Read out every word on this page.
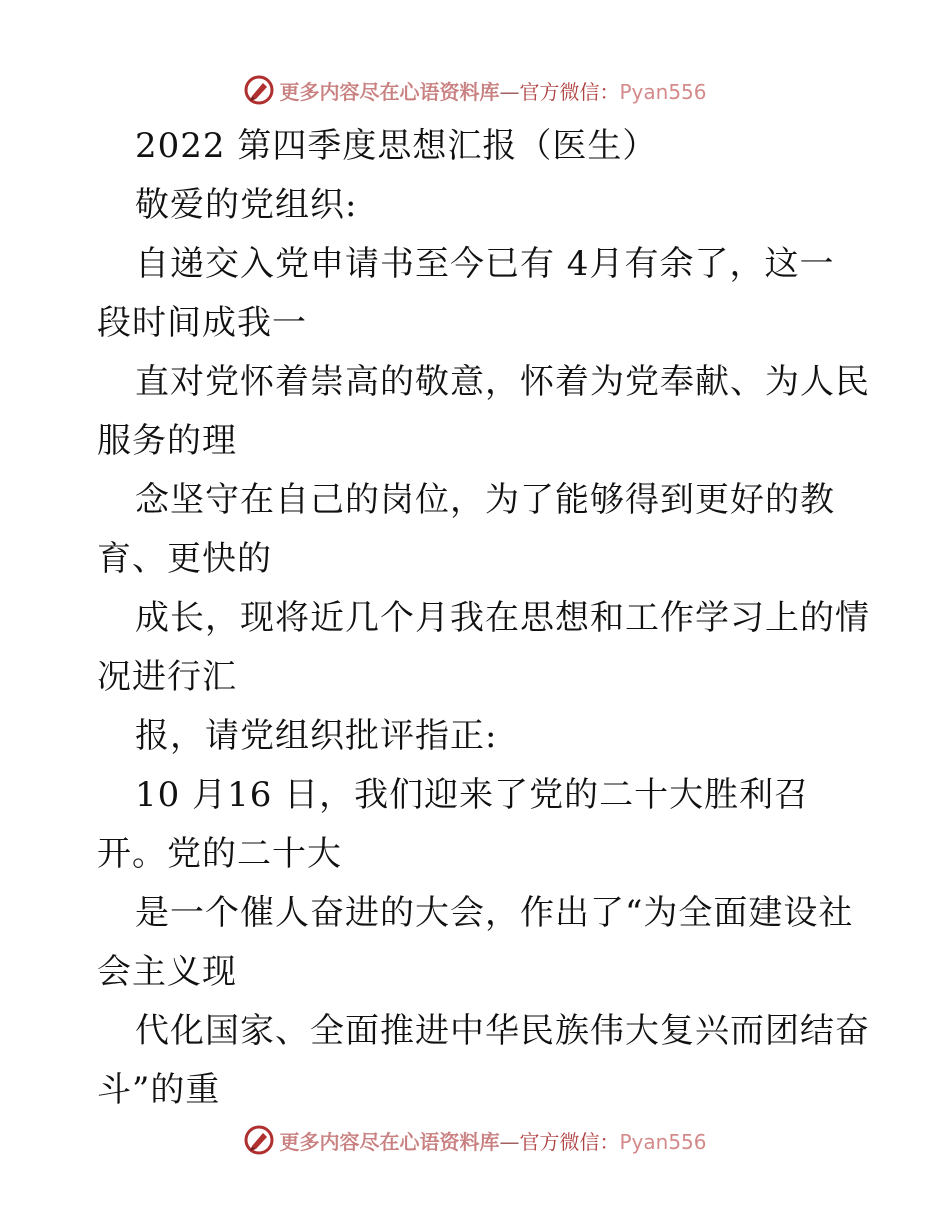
更多内容尽在心语资料库—官方微信：Pyan556
2022 第四季度思想汇报（医生）
敬爱的党组织:
自递交入党申请书至今已有 4月有余了，这一
段时间成我一
直对党怀着崇高的敬意，怀着为党奉献、为人民
服务的理
念坚守在自己的岗位，为了能够得到更好的教
育、更快的
成长，现将近几个月我在思想和工作学习上的情
况进行汇
报，请党组织批评指正:
10 月16 日，我们迎来了党的二十大胜利召
开。党的二十大
是一个催人奋进的大会，作出了“为全面建设社
会主义现
代化国家、全面推进中华民族伟大复兴而团结奋
斗”的重
更多内容尽在心语资料库—官方微信：Pyan556
